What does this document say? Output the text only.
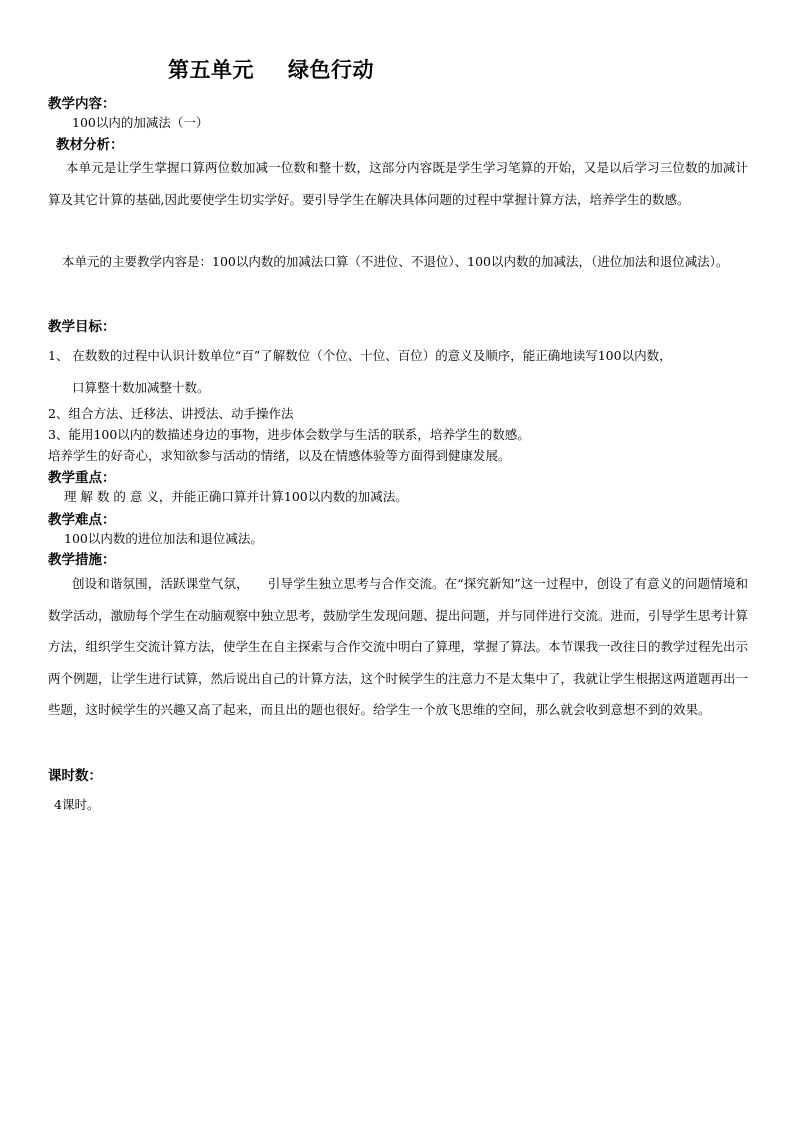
第五单元 绿色行动
教学内容：
100以内的加减法（一）
教材分析：
本单元是让学生掌握口算两位数加减一位数和整十数，这部分内容既是学生学习笔算的开始，又是以后学习三位数的加减计算及其它计算的基础,因此要使学生切实学好。要引导学生在解决具体问题的过程中掌握计算方法，培养学生的数感。
本单元的主要教学内容是：100以内数的加减法口算（不进位、不退位）、100以内数的加减法，（进位加法和退位减法）。
教学目标：
1、 在数数的过程中认识计数单位“百”了解数位（个位、十位、百位）的意义及顺序，能正确地读写100以内数，
口算整十数加减整十数。
2、组合方法、迁移法、讲授法、动手操作法
3、能用100以内的数描述身边的事物，进步体会数学与生活的联系，培养学生的数感。
培养学生的好奇心，求知欲参与活动的情绪，以及在情感体验等方面得到健康发展。
教学重点：
理 解 数 的 意 义，并能正确口算并计算100以内数的加减法。
教学难点：
100以内数的进位加法和退位减法。
教学措施：
创设和谐氛围，活跃课堂气氛，　　引导学生独立思考与合作交流。在“探究新知”这一过程中，创设了有意义的问题情境和数学活动，激励每个学生在动脑观察中独立思考，鼓励学生发现问题、提出问题，并与同伴进行交流。进而，引导学生思考计算方法，组织学生交流计算方法，使学生在自主探索与合作交流中明白了算理，掌握了算法。本节课我一改往日的教学过程先出示两个例题，让学生进行试算，然后说出自己的计算方法，这个时候学生的注意力不是太集中了，我就让学生根据这两道题再出一些题，这时候学生的兴趣又高了起来，而且出的题也很好。给学生一个放飞思维的空间，那么就会收到意想不到的效果。
课时数：
4课时。
